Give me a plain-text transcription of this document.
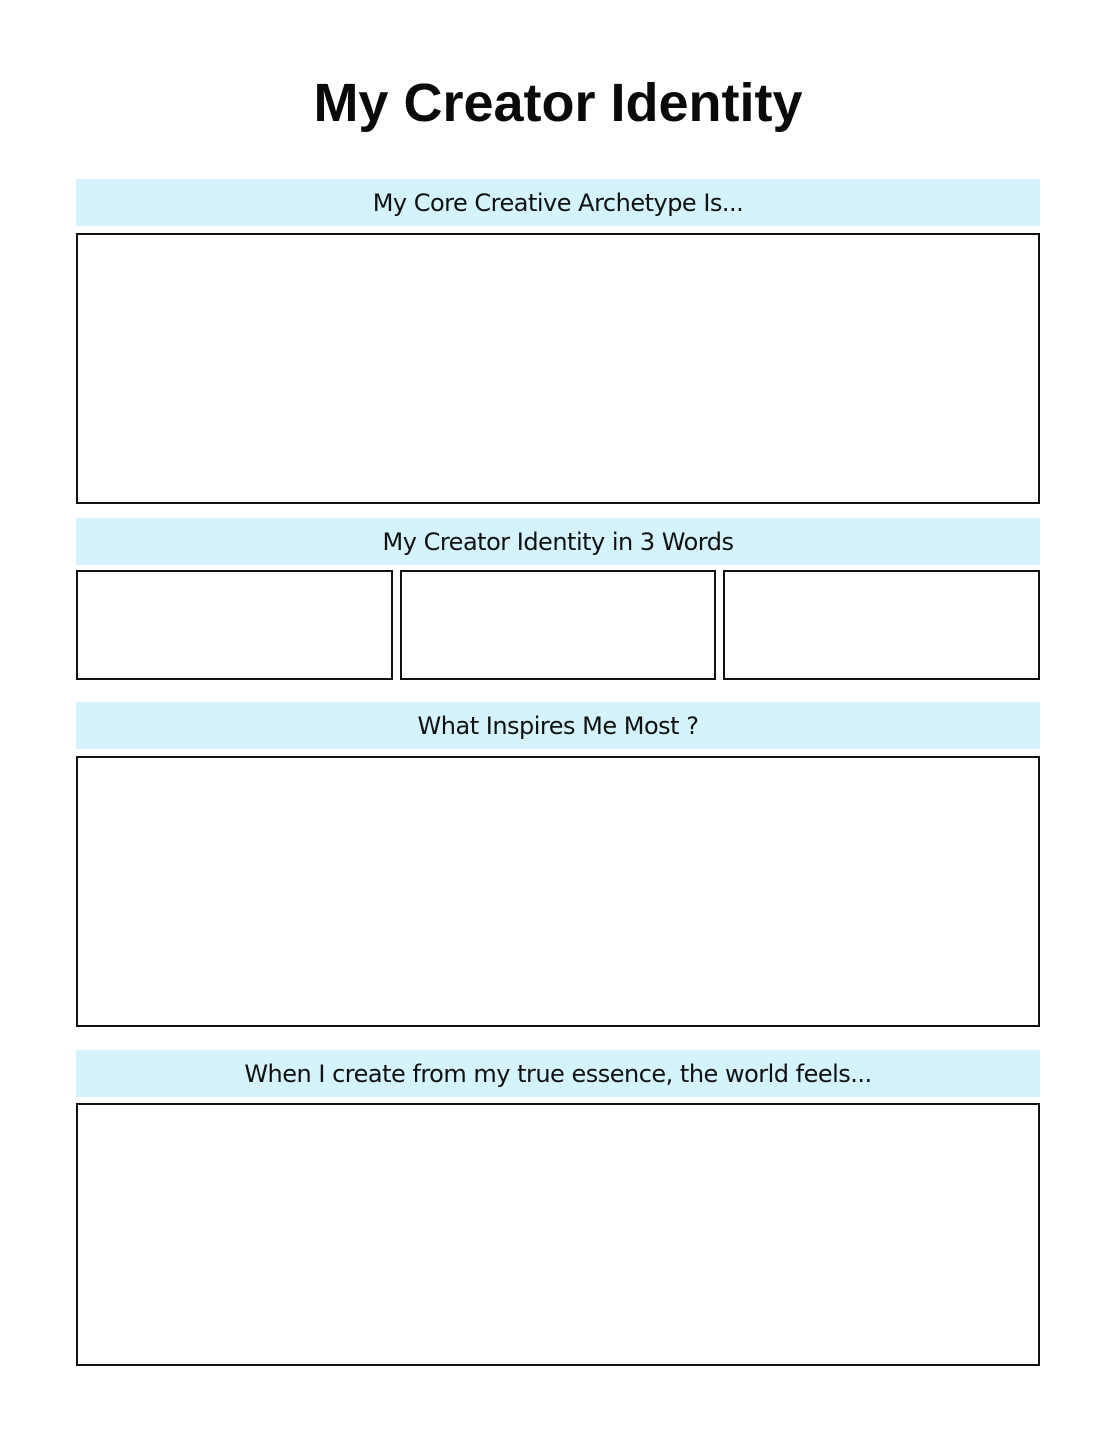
My Creator Identity
My Core Creative Archetype Is...
My Creator Identity in 3 Words
What Inspires Me Most ?
When I create from my true essence, the world feels...
